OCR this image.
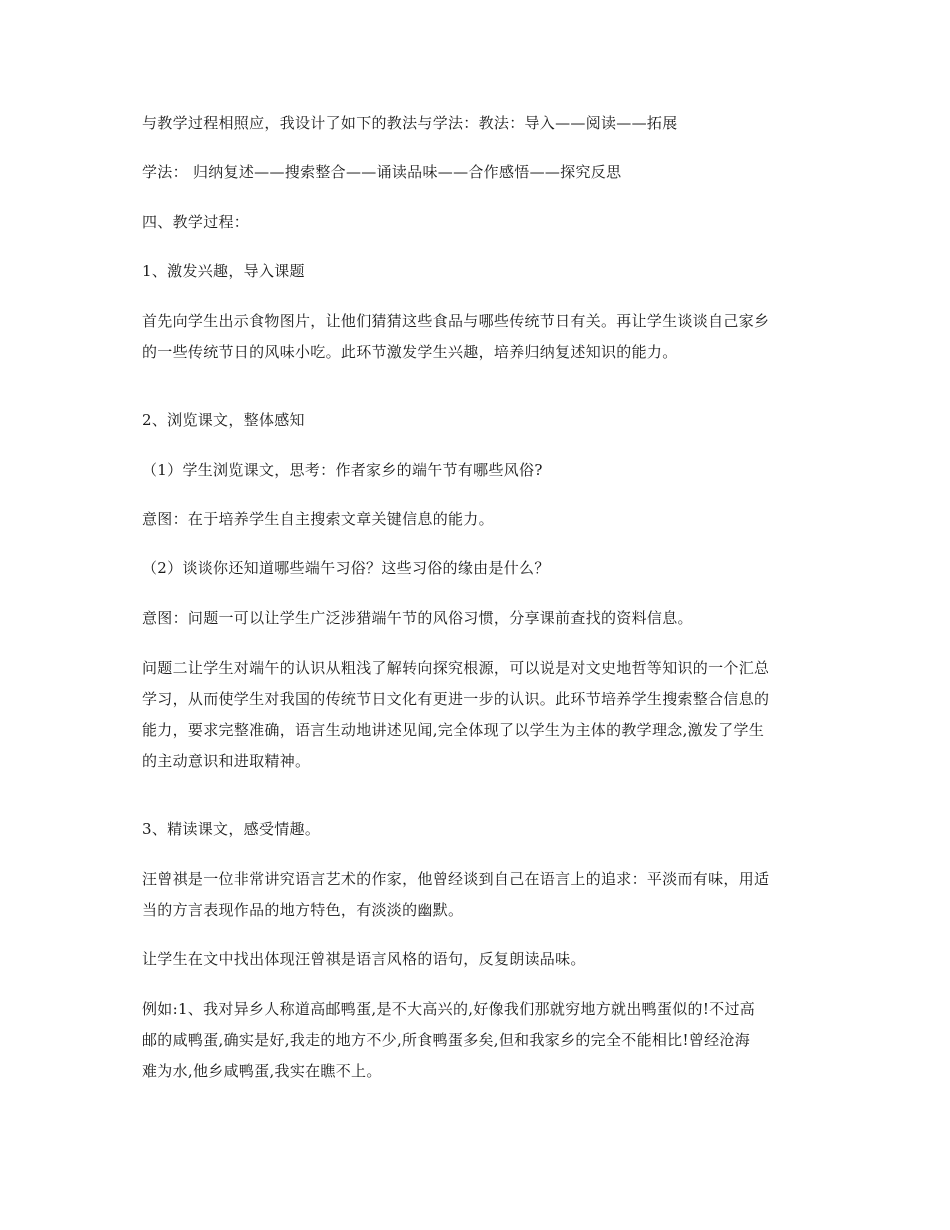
与教学过程相照应，我设计了如下的教法与学法：教法：导入——阅读——拓展
学法： 归纳复述——搜索整合——诵读品味——合作感悟——探究反思
四、教学过程：
1、激发兴趣，导入课题
首先向学生出示食物图片，让他们猜猜这些食品与哪些传统节日有关。再让学生谈谈自己家乡
的一些传统节日的风味小吃。此环节激发学生兴趣，培养归纳复述知识的能力。
2、浏览课文，整体感知
（1）学生浏览课文，思考：作者家乡的端午节有哪些风俗?
意图：在于培养学生自主搜索文章关键信息的能力。
（2）谈谈你还知道哪些端午习俗？这些习俗的缘由是什么？
意图：问题一可以让学生广泛涉猎端午节的风俗习惯，分享课前查找的资料信息。
问题二让学生对端午的认识从粗浅了解转向探究根源，可以说是对文史地哲等知识的一个汇总
学习，从而使学生对我国的传统节日文化有更进一步的认识。此环节培养学生搜索整合信息的
能力，要求完整准确，语言生动地讲述见闻,完全体现了以学生为主体的教学理念,激发了学生
的主动意识和进取精神。
3、精读课文，感受情趣。
汪曾祺是一位非常讲究语言艺术的作家，他曾经谈到自己在语言上的追求：平淡而有味，用适
当的方言表现作品的地方特色，有淡淡的幽默。
让学生在文中找出体现汪曾祺是语言风格的语句，反复朗读品味。
例如:1、我对异乡人称道高邮鸭蛋,是不大高兴的,好像我们那就穷地方就出鸭蛋似的!不过高
邮的咸鸭蛋,确实是好,我走的地方不少,所食鸭蛋多矣,但和我家乡的完全不能相比!曾经沧海
难为水,他乡咸鸭蛋,我实在瞧不上。
